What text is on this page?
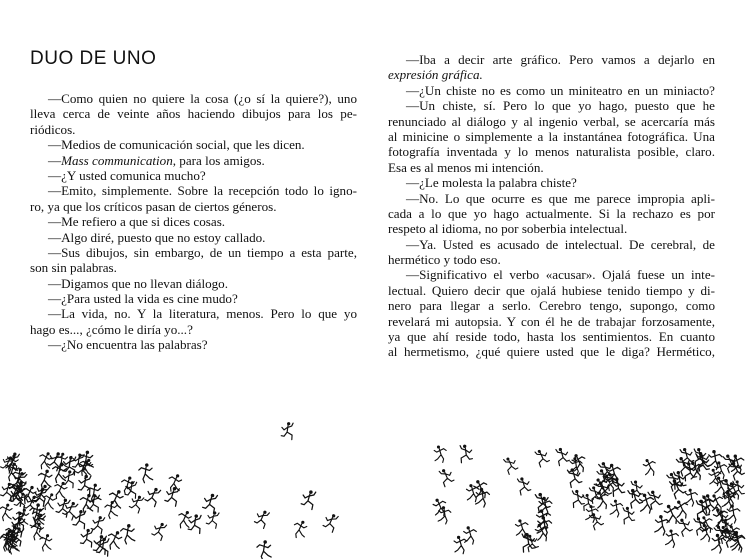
DUO DE UNO
—Como quien no quiere la cosa (¿o sí la quiere?), uno
lleva cerca de veinte años haciendo dibujos para los pe-
riódicos.
—Medios de comunicación social, que les dicen.
—Mass communication, para los amigos.
—¿Y usted comunica mucho?
—Emito, simplemente. Sobre la recepción todo lo igno-
ro, ya que los críticos pasan de ciertos géneros.
—Me refiero a que si dices cosas.
—Algo diré, puesto que no estoy callado.
—Sus dibujos, sin embargo, de un tiempo a esta parte,
son sin palabras.
—Digamos que no llevan diálogo.
—¿Para usted la vida es cine mudo?
—La vida, no. Y la literatura, menos. Pero lo que yo
hago es..., ¿cómo le diría yo...?
—¿No encuentra las palabras?
—Iba a decir arte gráfico. Pero vamos a dejarlo en
expresión gráfica.
—¿Un chiste no es como un miniteatro en un miniacto?
—Un chiste, sí. Pero lo que yo hago, puesto que he
renunciado al diálogo y al ingenio verbal, se acercaría más
al minicine o simplemente a la instantánea fotográfica. Una
fotografía inventada y lo menos naturalista posible, claro.
Esa es al menos mi intención.
—¿Le molesta la palabra chiste?
—No. Lo que ocurre es que me parece impropia apli-
cada a lo que yo hago actualmente. Si la rechazo es por
respeto al idioma, no por soberbia intelectual.
—Ya. Usted es acusado de intelectual. De cerebral, de
hermético y todo eso.
—Significativo el verbo «acusar». Ojalá fuese un inte-
lectual. Quiero decir que ojalá hubiese tenido tiempo y di-
nero para llegar a serlo. Cerebro tengo, supongo, como
revelará mi autopsia. Y con él he de trabajar forzosamente,
ya que ahí reside todo, hasta los sentimientos. En cuanto
al hermetismo, ¿qué quiere usted que le diga? Hermético,
